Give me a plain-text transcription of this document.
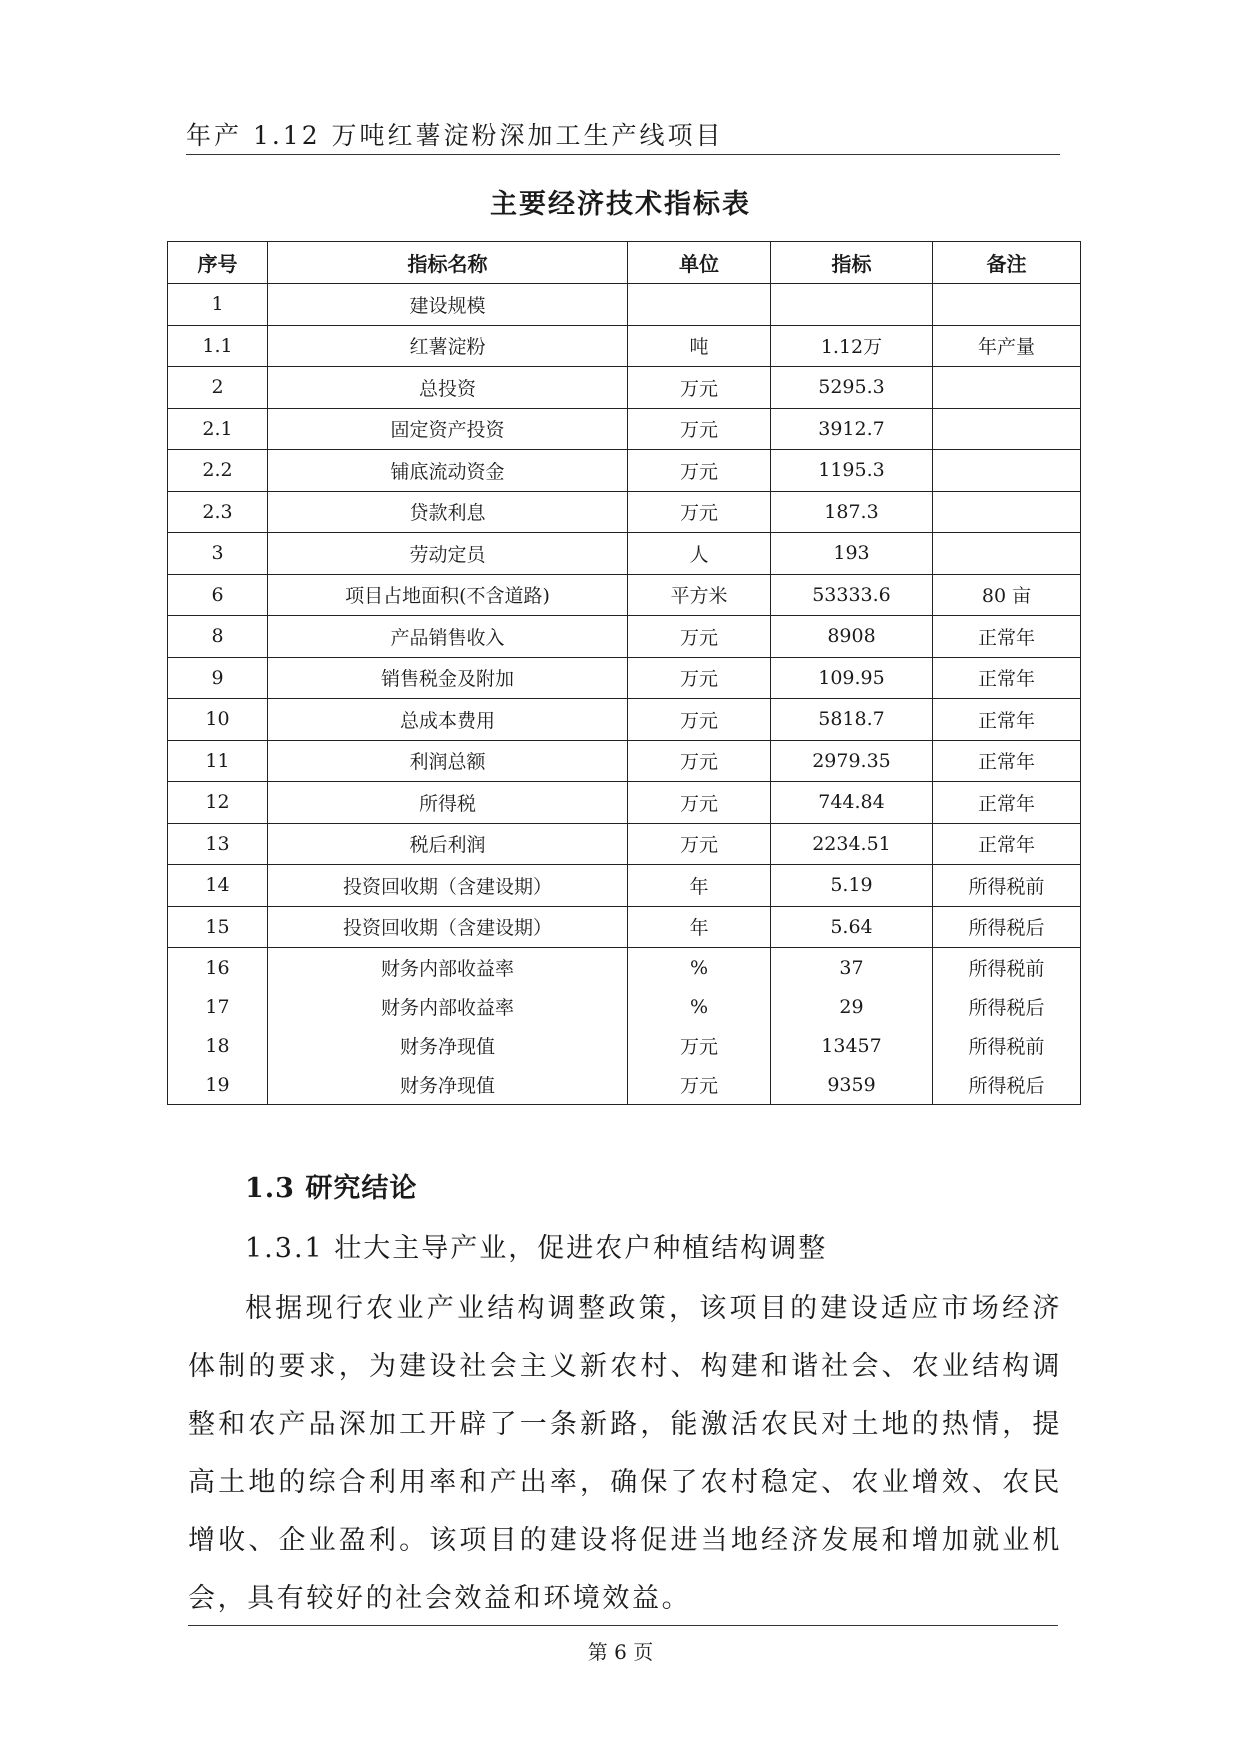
年产 1.12 万吨红薯淀粉深加工生产线项目
主要经济技术指标表
序号	指标名称	单位	指标	备注
1	建设规模			
1.1	红薯淀粉	吨	1.12万	年产量
2	总投资	万元	5295.3	
2.1	固定资产投资	万元	3912.7	
2.2	铺底流动资金	万元	1195.3	
2.3	贷款利息	万元	187.3	
3	劳动定员	人	193	
6	项目占地面积(不含道路)	平方米	53333.6	80 亩
8	产品销售收入	万元	8908	正常年
9	销售税金及附加	万元	109.95	正常年
10	总成本费用	万元	5818.7	正常年
11	利润总额	万元	2979.35	正常年
12	所得税	万元	744.84	正常年
13	税后利润	万元	2234.51	正常年
14	投资回收期（含建设期）	年	5.19	所得税前
15	投资回收期（含建设期）	年	5.64	所得税后
16	财务内部收益率	%	37	所得税前
17	财务内部收益率	%	29	所得税后
18	财务净现值	万元	13457	所得税前
19	财务净现值	万元	9359	所得税后
1.3 研究结论
1.3.1 壮大主导产业，促进农户种植结构调整

根据现行农业产业结构调整政策，该项目的建设适应市场经济体制的要求，为建设社会主义新农村、构建和谐社会、农业结构调整和农产品深加工开辟了一条新路，能激活农民对土地的热情，提高土地的综合利用率和产出率，确保了农村稳定、农业增效、农民增收、企业盈利。该项目的建设将促进当地经济发展和增加就业机会，具有较好的社会效益和环境效益。

第 6 页
